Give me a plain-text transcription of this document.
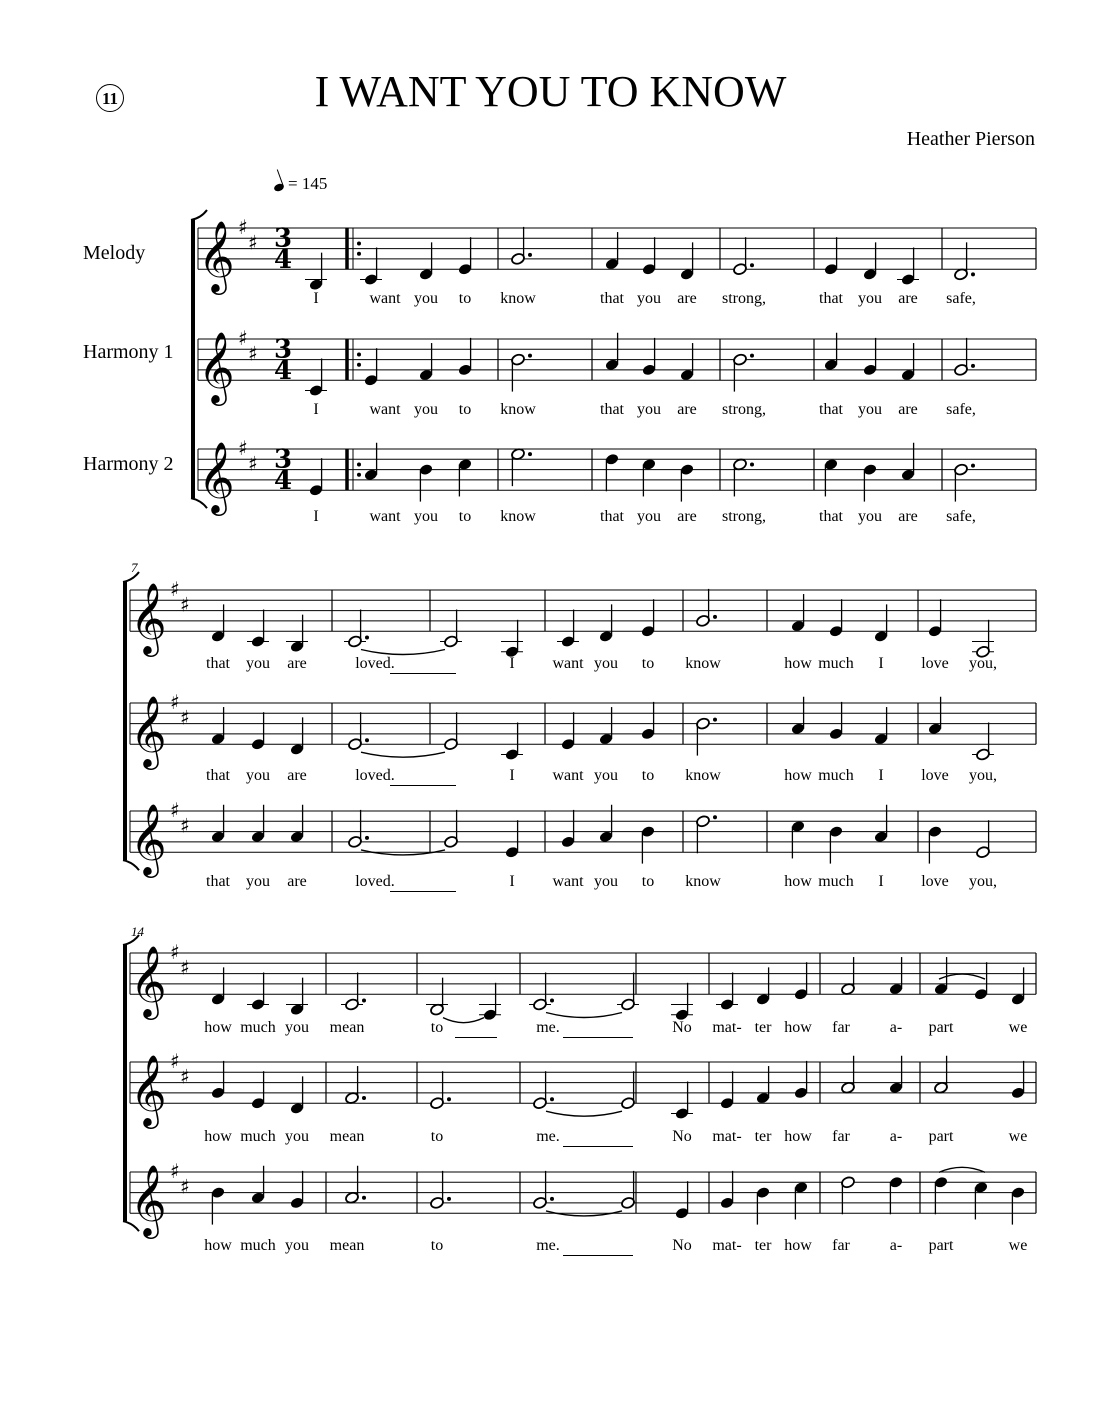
𝄞 ♯
♯ 3
4
𝄞 ♯
♯ 3
4
𝄞 ♯
♯ 3
4
𝄞 ♯
♯
𝄞 ♯
♯
𝄞 ♯
♯
𝄞 ♯
♯
𝄞 ♯
♯
𝄞 ♯
♯
11	I WANT YOU TO KNOW
Heather Pierson
= 145
Melody
Harmony 1
Harmony 2
7
14
I	want you to know	that you are strong,	that you are safe,
I	want you to know	that you are strong,	that you are safe,
I	want you to know	that you are strong,	that you are safe,
that you are	loved.	I want you to know	how much I love you,
that you are	loved.	I want you to know	how much I love you,
that you are	loved.	I want you to know	how much I love you,
how much you mean	to	me.	No mat- ter how far a- part	we
how much you mean	to	me.	No mat- ter how far a- part	we
how much you mean	to	me.	No mat- ter how far a- part	we
